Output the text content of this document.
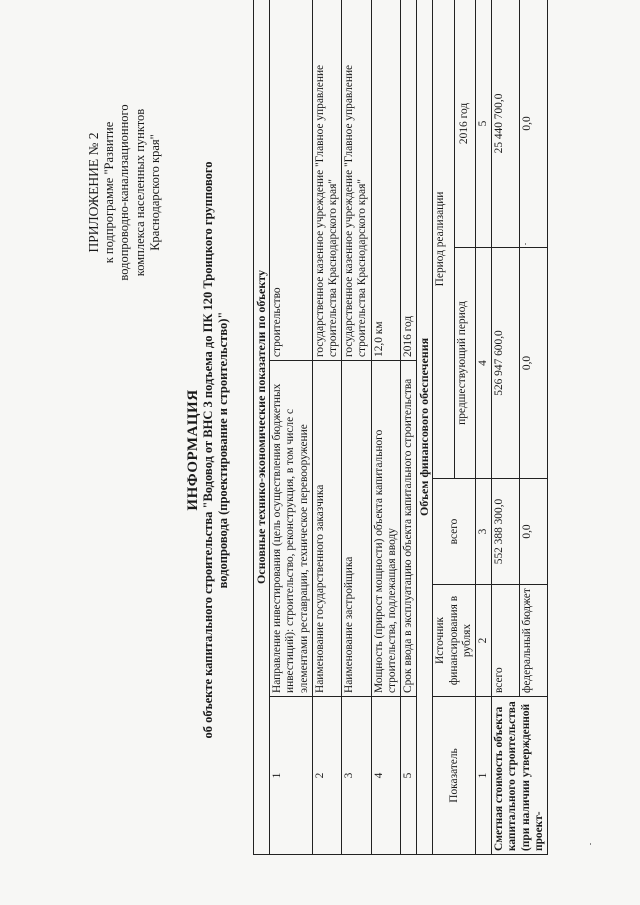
ПРИЛОЖЕНИЕ № 2 к подпрограмме "Развитие водопроводно-канализационного комплекса населенных пунктов Краснодарского края"
ИНФОРМАЦИЯ об объекте капитального строительства "Водовод от ВНС 3 подъема до ПК 120 Троицкого группового водопровода (проектирование и строительство)" Основные технико-экономические показатели по объекту					
1	Направление инвестирования (цель осуществления бюджетных инвестиций): строительство, реконструкция, в том числе с элементами реставрации, техническое перевооружение			строительство	
2	Наименование государственного заказчика			государственное казенное учреждение "Главное управление строительства Краснодарского края"	
3	Наименование застройщика			государственное казенное учреждение "Главное управление строительства Краснодарского края"	
4	Мощность (прирост мощности) объекта капитального строительства, подлежащая вводу			12,0 км	
5	Срок ввода в эксплуатацию объекта капитального строительства			2016 год	
Объем финансового обеспечения					
Показатель	Источник финансирования в рублях	всего	Период реализации		
			предшествующий период		2016 год
1	2	3	4		5
Сметная стоимость объекта капитального строительства (при наличии утвержденной проект-	всего	552 388 300,0	526 947 600,0		25 440 700,0
	федеральный бюджет	0,0	0,0		0,0
